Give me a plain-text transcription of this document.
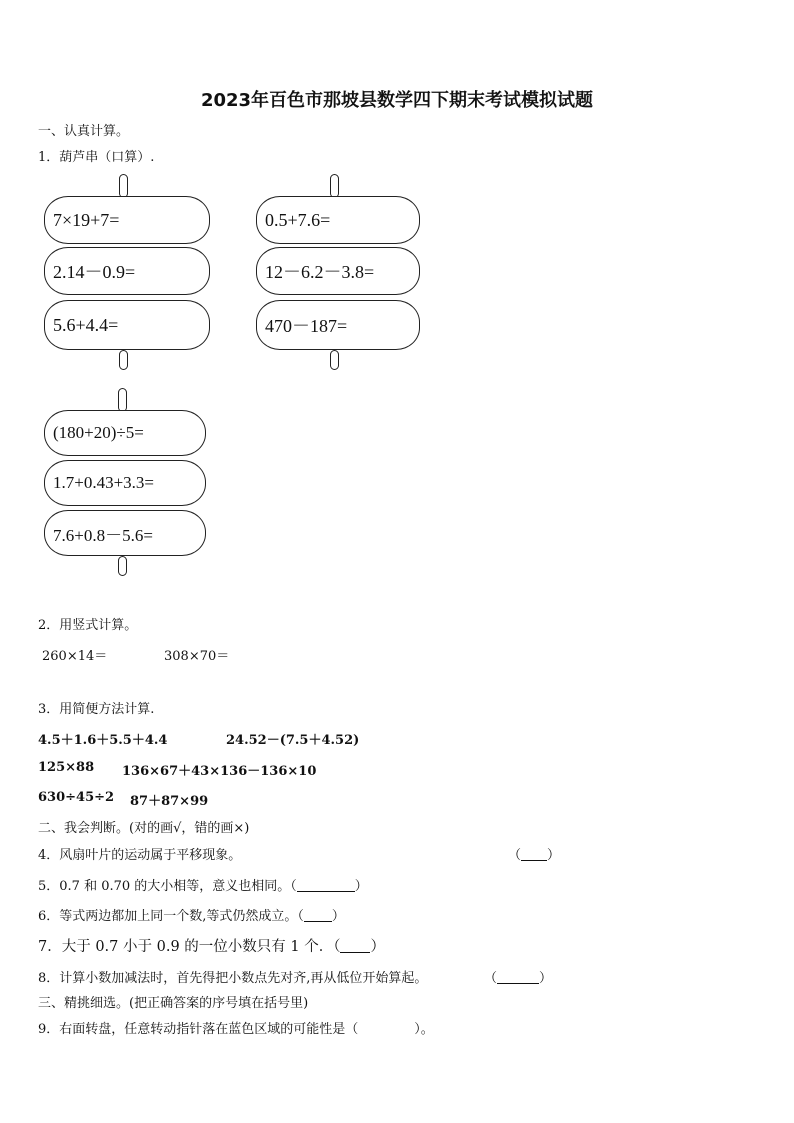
2023年百色市那坡县数学四下期末考试模拟试题
一、认真计算。
1．葫芦串（口算）.
7×19+7=
2.14－0.9=
5.6+4.4=
0.5+7.6=
12－6.2－3.8=
470－187=
(180+20)÷5=
1.7+0.43+3.3=
7.6+0.8－5.6=
2．用竖式计算。
260×14＝	308×70＝
3．用简便方法计算.
4.5＋1.6＋5.5＋4.4	24.52－(7.5＋4.52)
125×88 136×67＋43×136－136×10
630÷45÷2 87＋87×99
二、我会判断。(对的画√，错的画×)
4．风扇叶片的运动属于平移现象。	（ ）
5．0.7 和 0.70 的大小相等，意义也相同。（	）
6．等式两边都加上同一个数,等式仍然成立。（ ）
7．大于 0.7 小于 0.9 的一位小数只有 1 个．（ ）
8．计算小数加减法时，首先得把小数点先对齐,再从低位开始算起。	（	）
三、精挑细选。(把正确答案的序号填在括号里)
9．右面转盘，任意转动指针落在蓝色区域的可能性是（	）。
